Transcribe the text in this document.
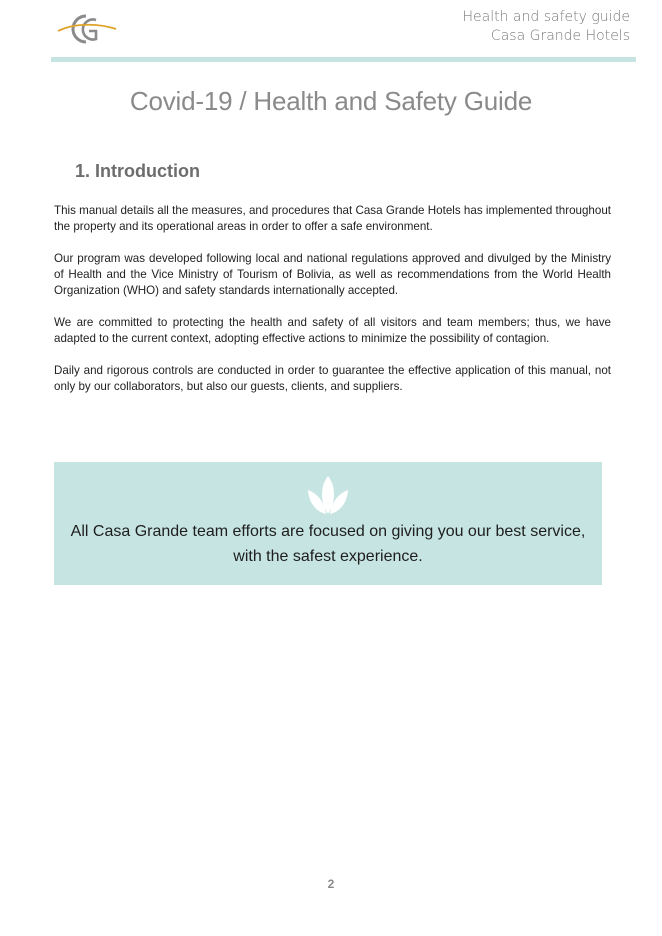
Health and safety guide
Casa Grande Hotels
Covid-19 / Health and Safety Guide
1. Introduction

This manual details all the measures, and procedures that Casa Grande Hotels has implemented throughout the property and its operational areas in order to offer a safe environment.

Our program was developed following local and national regulations approved and divulged by the Ministry of Health and the Vice Ministry of Tourism of Bolivia, as well as recommendations from the World Health Organization (WHO) and safety standards internationally accepted.

We are committed to protecting the health and safety of all visitors and team members; thus, we have adapted to the current context, adopting effective actions to minimize the possibility of contagion.

Daily and rigorous controls are conducted in order to guarantee the effective application of this manual, not only by our collaborators, but also our guests, clients, and suppliers.

All Casa Grande team efforts are focused on giving you our best service,
with the safest experience.
2
